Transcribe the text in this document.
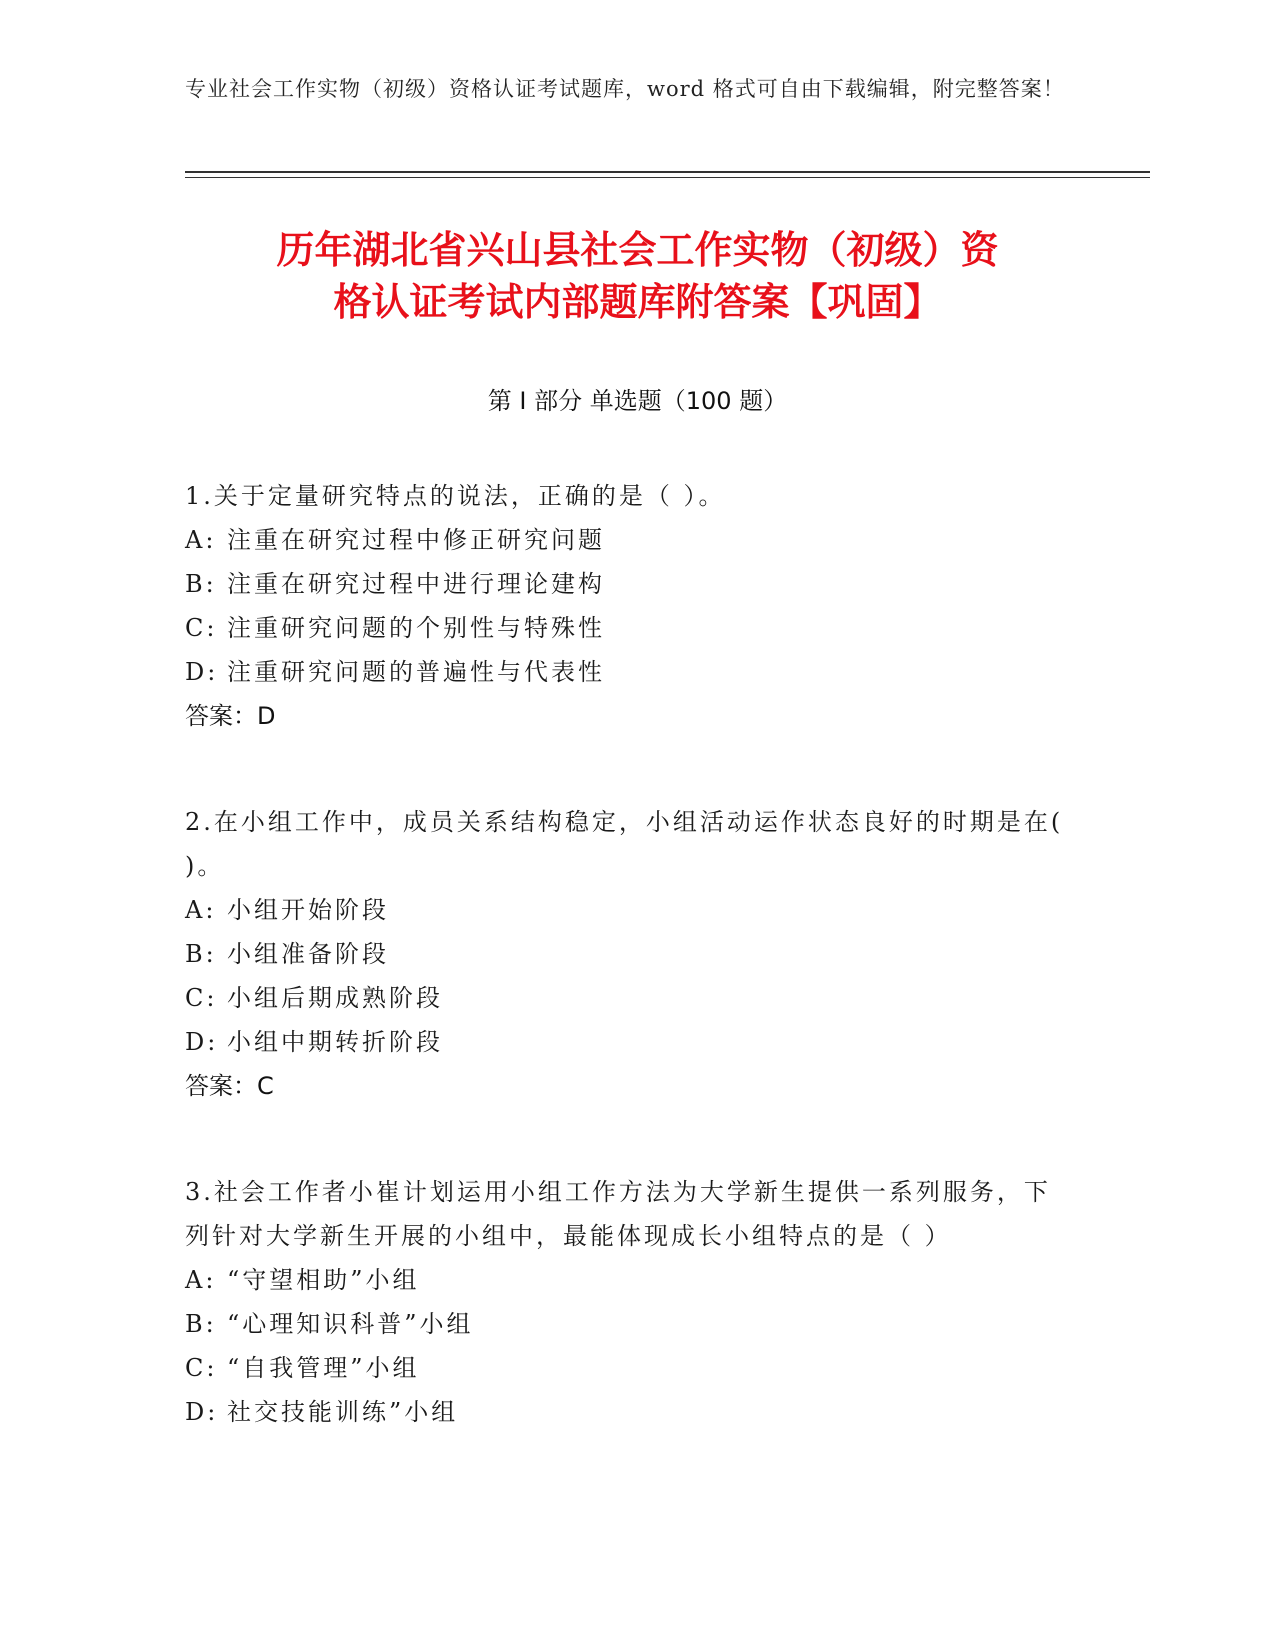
专业社会工作实物（初级）资格认证考试题库，word 格式可自由下载编辑，附完整答案！
历年湖北省兴山县社会工作实物（初级）资
格认证考试内部题库附答案【巩固】
第 I 部分 单选题（100 题）

1.关于定量研究特点的说法，正确的是（ ）。

A: 注重在研究过程中修正研究问题

B: 注重在研究过程中进行理论建构

C: 注重研究问题的个别性与特殊性

D: 注重研究问题的普遍性与代表性

答案：D

2.在小组工作中，成员关系结构稳定，小组活动运作状态良好的时期是在( )。

A: 小组开始阶段

B: 小组准备阶段

C: 小组后期成熟阶段

D: 小组中期转折阶段

答案：C

3.社会工作者小崔计划运用小组工作方法为大学新生提供一系列服务，下列针对大学新生开展的小组中，最能体现成长小组特点的是（ ）

A: “守望相助”小组

B: “心理知识科普”小组

C: “自我管理”小组

D: 社交技能训练”小组
